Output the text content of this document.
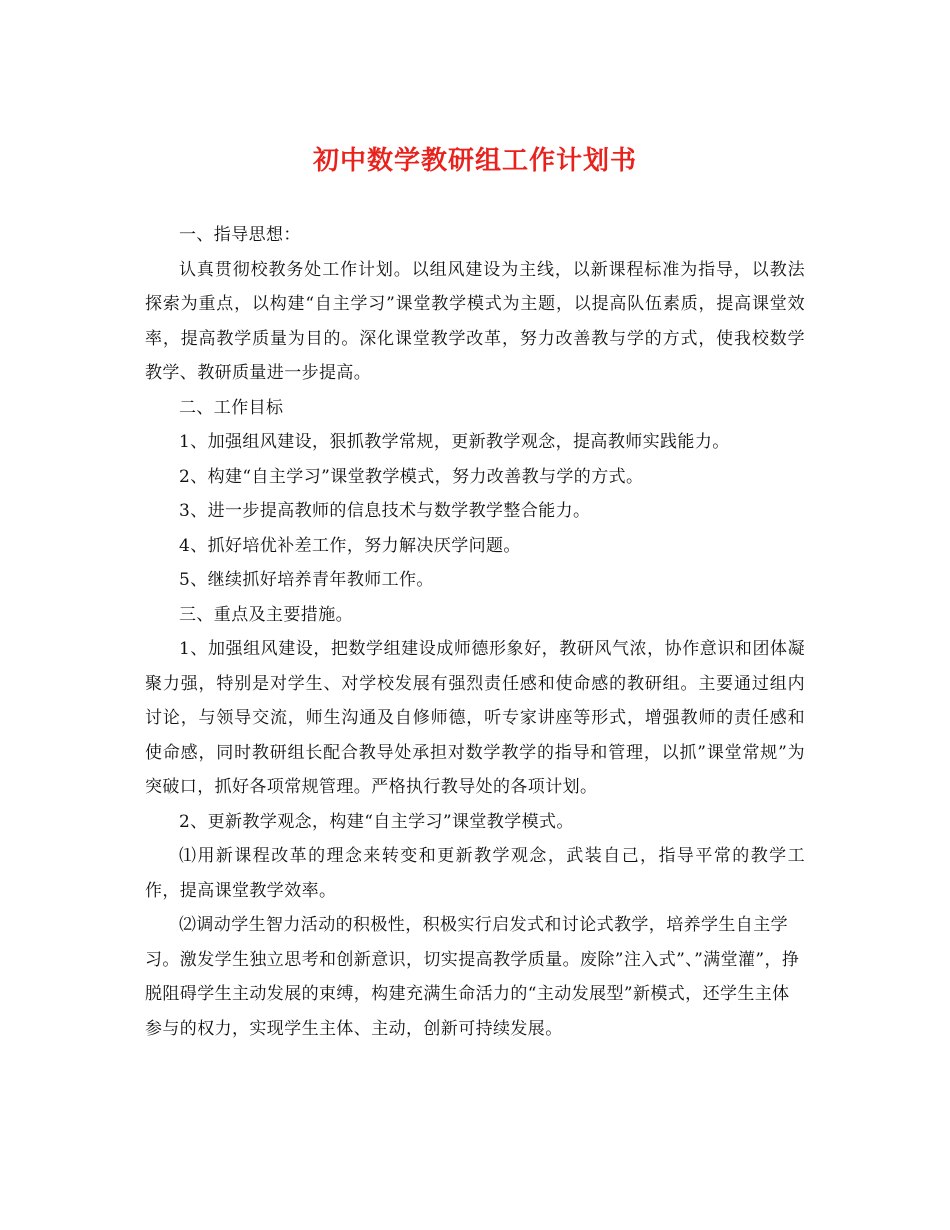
初中数学教研组工作计划书

一、指导思想：

认真贯彻校教务处工作计划。以组风建设为主线，以新课程标准为指导，以教法探索为重点，以构建“自主学习”课堂教学模式为主题，以提高队伍素质，提高课堂效率，提高教学质量为目的。深化课堂教学改革，努力改善教与学的方式，使我校数学教学、教研质量进一步提高。

二、工作目标

1、加强组风建设，狠抓教学常规，更新教学观念，提高教师实践能力。

2、构建“自主学习”课堂教学模式，努力改善教与学的方式。

3、进一步提高教师的信息技术与数学教学整合能力。

4、抓好培优补差工作，努力解决厌学问题。

5、继续抓好培养青年教师工作。

三、重点及主要措施。

1、加强组风建设，把数学组建设成师德形象好，教研风气浓，协作意识和团体凝聚力强，特别是对学生、对学校发展有强烈责任感和使命感的教研组。主要通过组内讨论，与领导交流，师生沟通及自修师德，听专家讲座等形式，增强教师的责任感和使命感，同时教研组长配合教导处承担对数学教学的指导和管理，以抓”课堂常规”为突破口，抓好各项常规管理。严格执行教导处的各项计划。

2、更新教学观念，构建“自主学习”课堂教学模式。

⑴用新课程改革的理念来转变和更新教学观念，武装自己，指导平常的教学工作，提高课堂教学效率。

⑵调动学生智力活动的积极性，积极实行启发式和讨论式教学，培养学生自主学习。激发学生独立思考和创新意识，切实提高教学质量。废除”注入式”、”满堂灌”，挣脱阻碍学生主动发展的束缚，构建充满生命活力的“主动发展型”新模式，还学生主体参与的权力，实现学生主体、主动，创新可持续发展。
